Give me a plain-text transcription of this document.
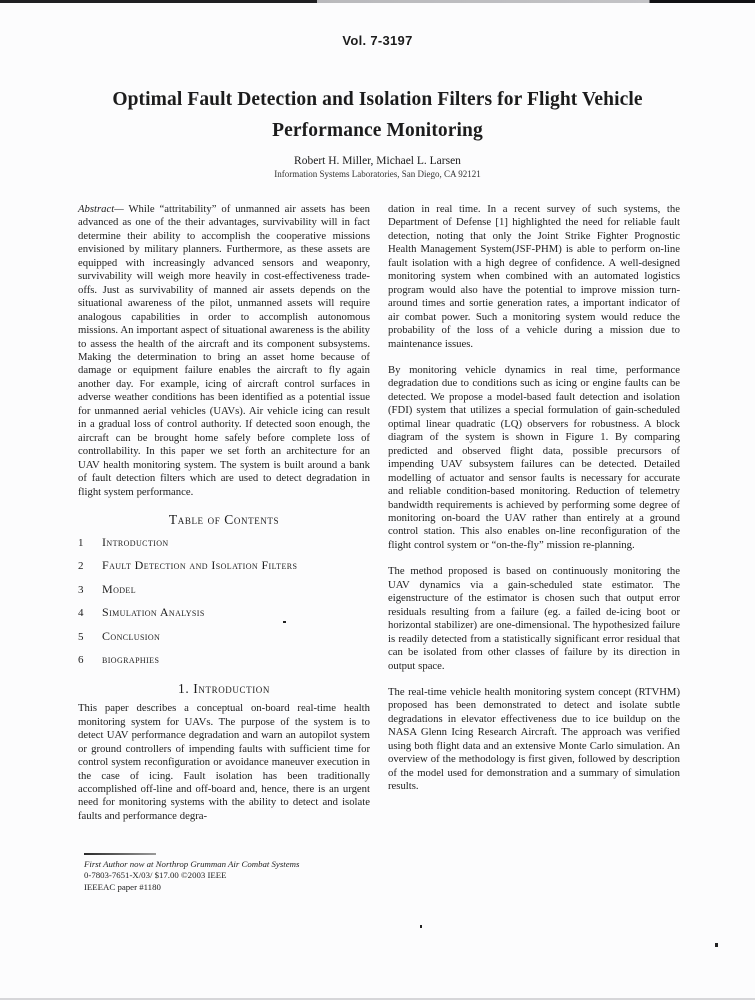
Vol. 7-3197
Optimal Fault Detection and Isolation Filters for Flight Vehicle
Performance Monitoring
Robert H. Miller, Michael L. Larsen
Information Systems Laboratories, San Diego, CA 92121

Abstract— While “attritability” of unmanned air assets has been advanced as one of the their advantages, survivability will in fact determine their ability to accomplish the cooperative missions envisioned by military planners. Furthermore, as these assets are equipped with increasingly advanced sensors and weaponry, survivability will weigh more heavily in cost-effectiveness trade-offs. Just as survivability of manned air assets depends on the situational awareness of the pilot, unmanned assets will require analogous capabilities in order to accomplish autonomous missions. An important aspect of situational awareness is the ability to assess the health of the aircraft and its component subsystems. Making the determination to bring an asset home because of damage or equipment failure enables the aircraft to fly again another day. For example, icing of aircraft control surfaces in adverse weather conditions has been identified as a potential issue for unmanned aerial vehicles (UAVs). Air vehicle icing can result in a gradual loss of control authority. If detected soon enough, the aircraft can be brought home safely before complete loss of controllability. In this paper we set forth an architecture for an UAV health monitoring system. The system is built around a bank of fault detection filters which are used to detect degradation in flight system performance.

Table of Contents
1	Introduction
2	Fault Detection and Isolation Filters
3	Model
4	Simulation Analysis
5	Conclusion
6	biographies
1. Introduction

This paper describes a conceptual on-board real-time health monitoring system for UAVs. The purpose of the system is to detect UAV performance degradation and warn an autopilot system or ground controllers of impending faults with sufficient time for control system reconfiguration or avoidance maneuver execution in the case of icing. Fault isolation has been traditionally accomplished off-line and off-board and, hence, there is an urgent need for monitoring systems with the ability to detect and isolate faults and performance degra-

dation in real time. In a recent survey of such systems, the Department of Defense [1] highlighted the need for reliable fault detection, noting that only the Joint Strike Fighter Prognostic Health Management System(JSF-PHM) is able to perform on-line fault isolation with a high degree of confidence. A well-designed monitoring system when combined with an automated logistics program would also have the potential to improve mission turn-around times and sortie generation rates, a important indicator of air combat power. Such a monitoring system would reduce the probability of the loss of a vehicle during a mission due to maintenance issues.

By monitoring vehicle dynamics in real time, performance degradation due to conditions such as icing or engine faults can be detected. We propose a model-based fault detection and isolation (FDI) system that utilizes a special formulation of gain-scheduled optimal linear quadratic (LQ) observers for robustness. A block diagram of the system is shown in Figure 1. By comparing predicted and observed flight data, possible precursors of impending UAV subsystem failures can be detected. Detailed modelling of actuator and sensor faults is necessary for accurate and reliable condition-based monitoring. Reduction of telemetry bandwidth requirements is achieved by performing some degree of monitoring on-board the UAV rather than entirely at a ground control station. This also enables on-line reconfiguration of the flight control system or “on-the-fly” mission re-planning.

The method proposed is based on continuously monitoring the UAV dynamics via a gain-scheduled state estimator. The eigenstructure of the estimator is chosen such that output error residuals resulting from a failure (eg. a failed de-icing boot or horizontal stabilizer) are one-dimensional. The hypothesized failure is readily detected from a statistically significant error residual that can be isolated from other classes of failure by its direction in output space.

The real-time vehicle health monitoring system concept (RTVHM) proposed has been demonstrated to detect and isolate subtle degradations in elevator effectiveness due to ice buildup on the NASA Glenn Icing Research Aircraft. The approach was verified using both flight data and an extensive Monte Carlo simulation. An overview of the methodology is first given, followed by description of the model used for demonstration and a summary of simulation results.

First Author now at Northrop Grumman Air Combat Systems
0-7803-7651-X/03/ $17.00 ©2003 IEEE
IEEEAC paper #1180
